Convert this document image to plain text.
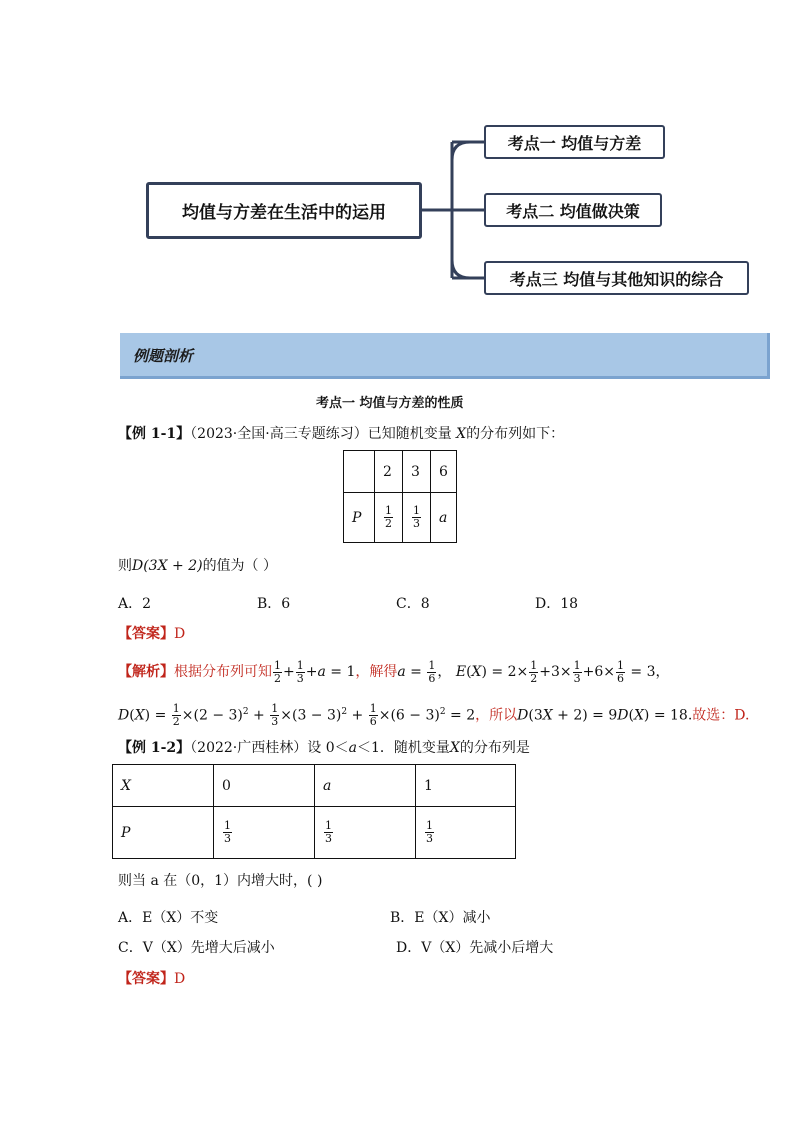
均值与方差在生活中的运用
考点一 均值与方差
考点二 均值做决策
考点三 均值与其他知识的综合
例题剖析
考点一 均值与方差的性质
【例 1-1】（2023·全国·高三专题练习）已知随机变量 X的分布列如下：
	2	3	6
P	$\frac{1}{2}$	$\frac{1}{3}$	a
则D(3X + 2)的值为（ ）
A．2	B．6	C．8	D．18
【答案】D
【解析】根据分布列可知 $\frac{1}{2} + \frac{1}{3} +a = 1$，解得$a = \frac{1}{6}$ ， $E(X) = 2\times \frac{1}{2} +3\times \frac{1}{3} +6\times \frac{1}{6} = 3$，
$D(X) = \frac{1}{2} \times(2 - 3)^2 + \frac{1}{3} \times(3 - 3)^2 + \frac{1}{6} \times(6 - 3)^2 = 2$，所以D(3X + 2) = 9D(X) = 18.故选：D.
【例 1-2】（2022·广西桂林）设 0＜a＜1．随机变量X的分布列是
X	0	a	1
P	$\frac{1}{3}$	$\frac{1}{3}$	$\frac{1}{3}$
则当 a 在（0，1）内增大时，( )
A．E（X）不变	B．E（X）减小
C．V（X）先增大后减小	D．V（X）先减小后增大
【答案】D
